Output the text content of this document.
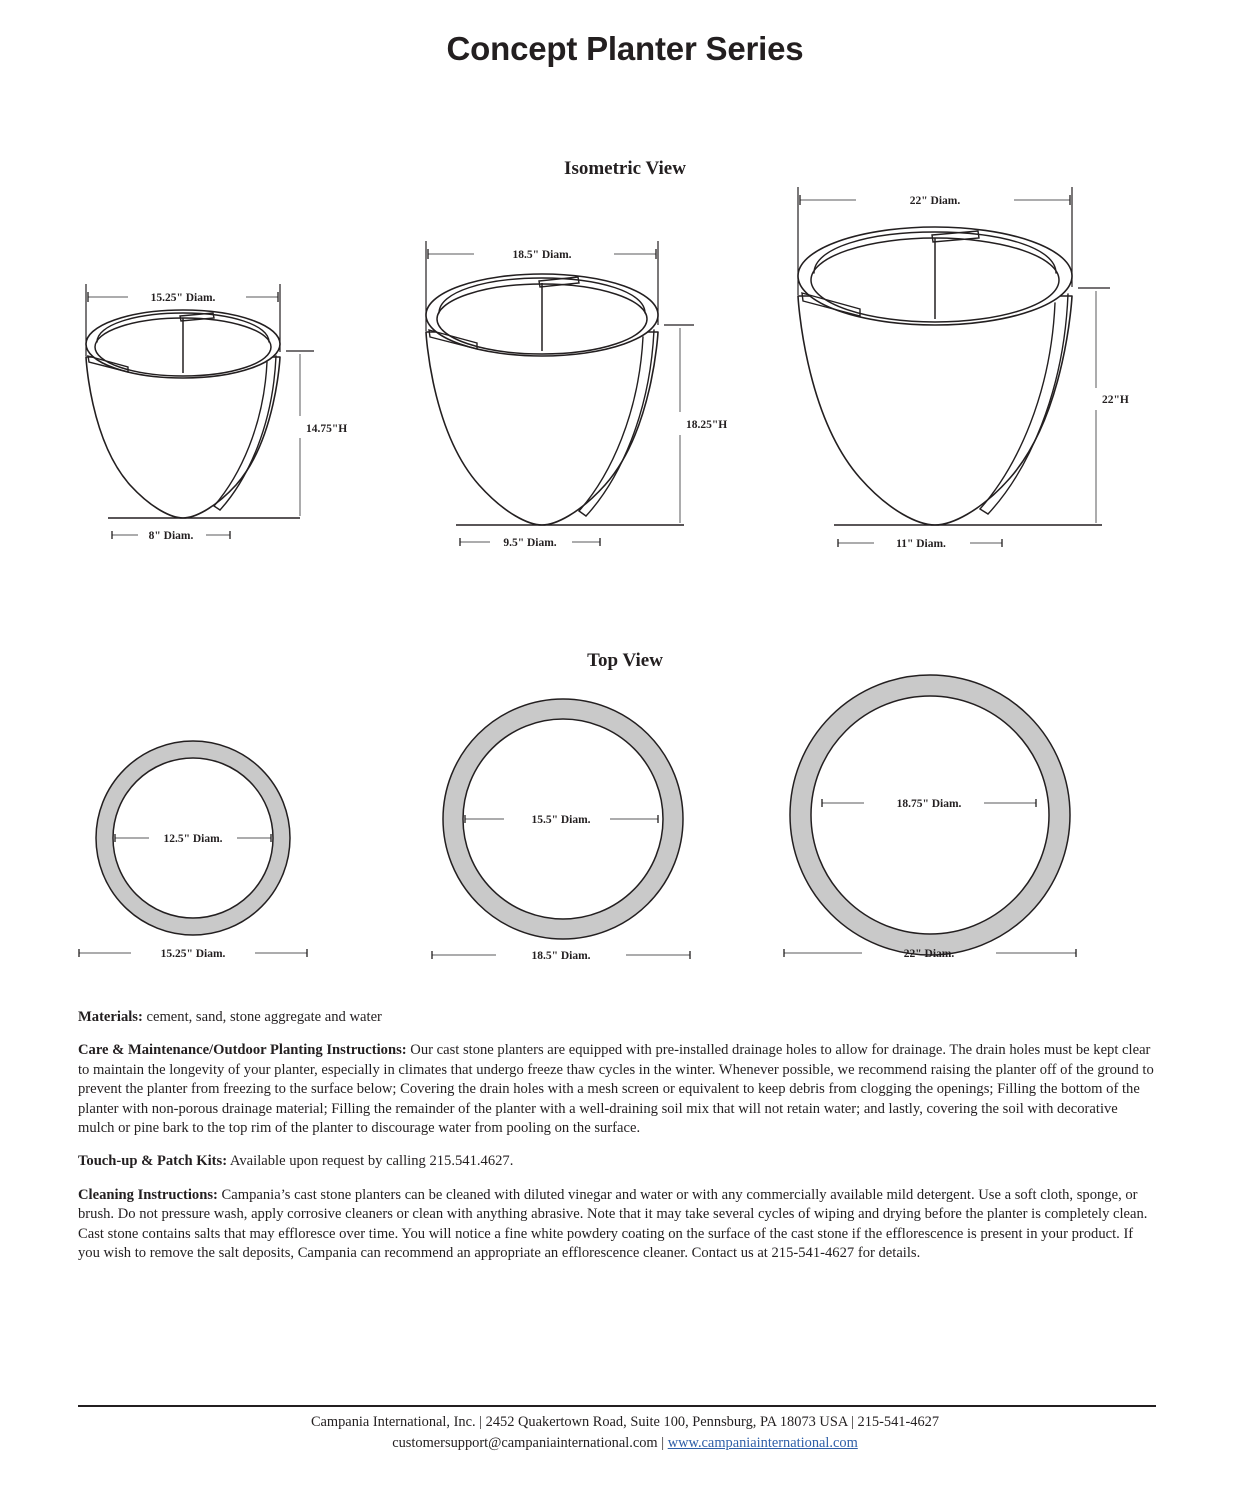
Concept Planter Series
Isometric View
15.25" Diam.
14.75"H
8" Diam.
18.5" Diam.
18.25"H
9.5" Diam.
22" Diam.
22"H
11" Diam.
Top View
12.5" Diam.
15.25" Diam.
15.5" Diam.
18.5" Diam.
18.75" Diam.
22" Diam.

Materials: cement, sand, stone aggregate and water

Care & Maintenance/Outdoor Planting Instructions: Our cast stone planters are equipped with pre-installed drainage holes to allow for drainage. The drain holes must be kept clear to maintain the longevity of your planter, especially in climates that undergo freeze thaw cycles in the winter. Whenever possible, we recommend raising the planter off of the ground to prevent the planter from freezing to the surface below; Covering the drain holes with a mesh screen or equivalent to keep debris from clogging the openings; Filling the bottom of the planter with non-porous drainage material; Filling the remainder of the planter with a well-draining soil mix that will not retain water; and lastly, covering the soil with decorative mulch or pine bark to the top rim of the planter to discourage water from pooling on the surface.

Touch-up & Patch Kits: Available upon request by calling 215.541.4627.

Cleaning Instructions: Campania’s cast stone planters can be cleaned with diluted vinegar and water or with any commercially available mild detergent. Use a soft cloth, sponge, or brush. Do not pressure wash, apply corrosive cleaners or clean with anything abrasive. Note that it may take several cycles of wiping and drying before the planter is completely clean. Cast stone contains salts that may effloresce over time. You will notice a fine white powdery coating on the surface of the cast stone if the efflorescence is present in your product. If you wish to remove the salt deposits, Campania can recommend an appropriate an efflorescence cleaner. Contact us at 215-541-4627 for details.

Campania International, Inc. | 2452 Quakertown Road, Suite 100, Pennsburg, PA 18073 USA | 215-541-4627
customersupport@campaniainternational.com | www.campaniainternational.com
